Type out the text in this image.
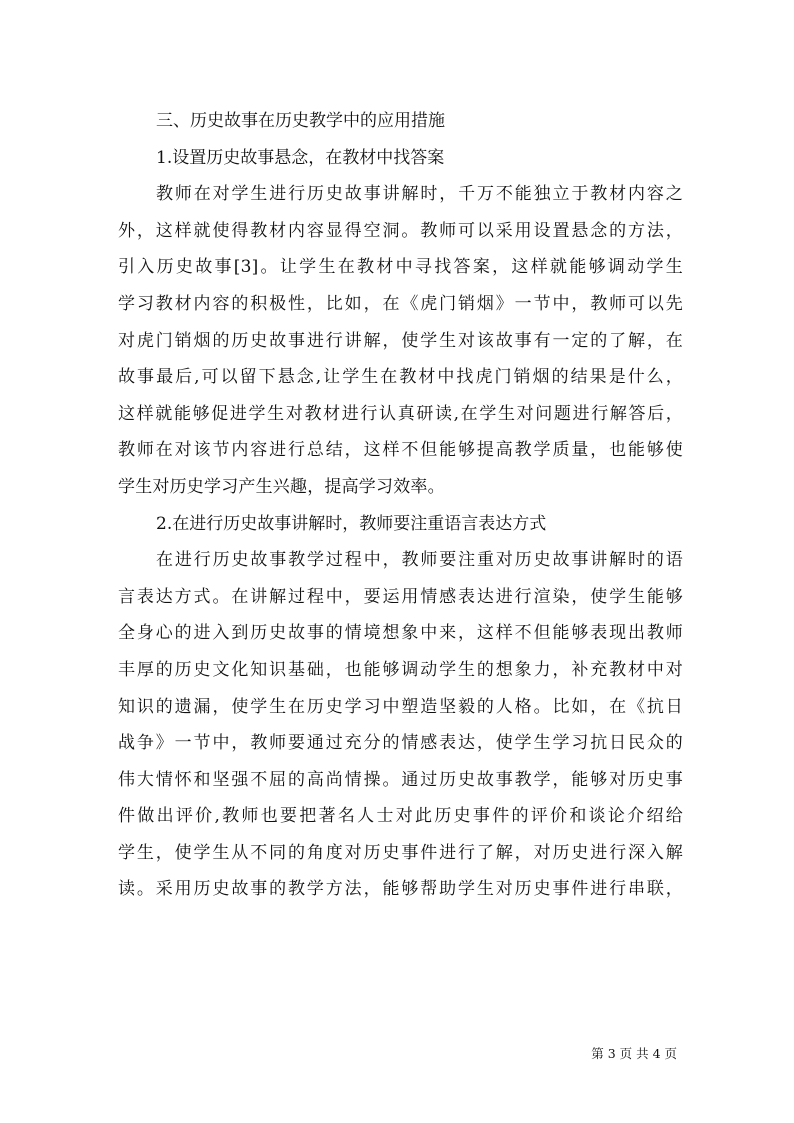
三、历史故事在历史教学中的应用措施
1.设置历史故事悬念，在教材中找答案
教师在对学生进行历史故事讲解时，千万不能独立于教材内容之
外，这样就使得教材内容显得空洞。教师可以采用设置悬念的方法，
引入历史故事[3]。让学生在教材中寻找答案，这样就能够调动学生
学习教材内容的积极性，比如，在《虎门销烟》一节中，教师可以先
对虎门销烟的历史故事进行讲解，使学生对该故事有一定的了解，在
故事最后,可以留下悬念,让学生在教材中找虎门销烟的结果是什么，
这样就能够促进学生对教材进行认真研读,在学生对问题进行解答后，
教师在对该节内容进行总结，这样不但能够提高教学质量，也能够使
学生对历史学习产生兴趣，提高学习效率。
2.在进行历史故事讲解时，教师要注重语言表达方式
在进行历史故事教学过程中，教师要注重对历史故事讲解时的语
言表达方式。在讲解过程中，要运用情感表达进行渲染，使学生能够
全身心的进入到历史故事的情境想象中来，这样不但能够表现出教师
丰厚的历史文化知识基础，也能够调动学生的想象力，补充教材中对
知识的遗漏，使学生在历史学习中塑造坚毅的人格。比如，在《抗日
战争》一节中，教师要通过充分的情感表达，使学生学习抗日民众的
伟大情怀和坚强不屈的高尚情操。通过历史故事教学，能够对历史事
件做出评价,教师也要把著名人士对此历史事件的评价和谈论介绍给
学生，使学生从不同的角度对历史事件进行了解，对历史进行深入解
读。采用历史故事的教学方法，能够帮助学生对历史事件进行串联，
第 3 页 共 4 页
